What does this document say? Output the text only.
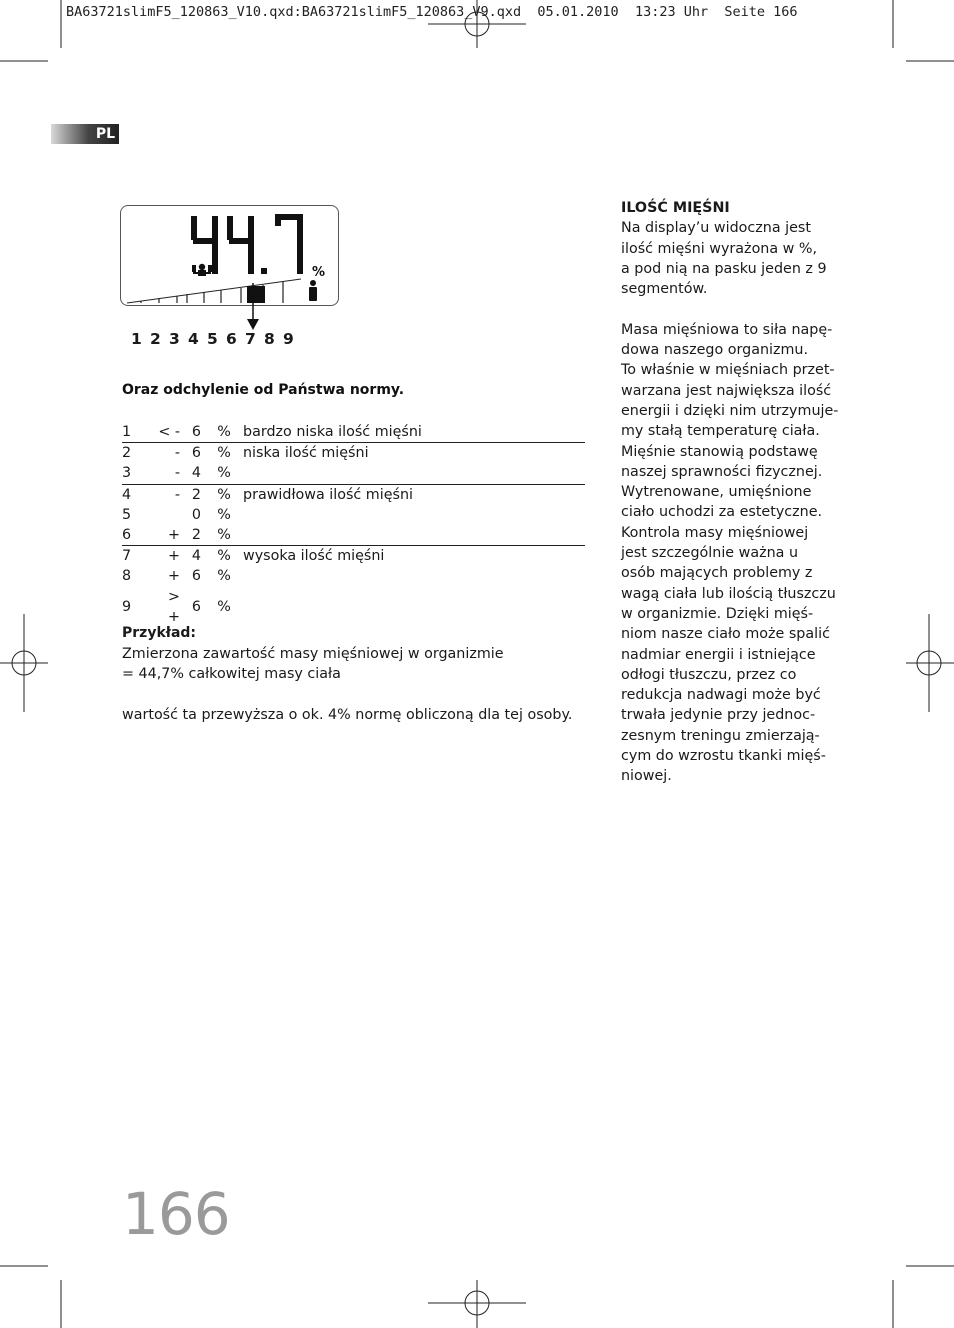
BA63721slimF5_120863_V10.qxd:BA63721slimF5_120863_V9.qxd  05.01.2010  13:23 Uhr  Seite 166
PL
%
1 2 3 4 5 6 7 8 9
Oraz odchylenie od Państwa normy.
1	< -	6	%	bardzo niska ilość mięśni
2	-	6	%	niska ilość mięśni
3	-	4	%	
4	-	2	%	prawidłowa ilość mięśni
5		0	%	
6	+	2	%	
7	+	4	%	wysoka ilość mięśni
8	+	6	%	
9	> +	6	%	
Przykład:
Zmierzona zawartość masy mięśniowej w organizmie
= 44,7% całkowitej masy ciała
wartość ta przewyższa o ok. 4% normę obliczoną dla tej osoby.
ILOŚĆ MIĘŚNI
Na display’u widoczna jest
ilość mięśni wyrażona w %,
a pod nią na pasku jeden z 9
segmentów.
Masa mięśniowa to siła napę-
dowa naszego organizmu.
To właśnie w mięśniach przet-
warzana jest największa ilość
energii i dzięki nim utrzymuje-
my stałą temperaturę ciała.
Mięśnie stanowią podstawę
naszej sprawności fizycznej.
Wytrenowane, umięśnione
ciało uchodzi za estetyczne.
Kontrola masy mięśniowej
jest szczególnie ważna u
osób mających problemy z
wagą ciała lub ilością tłuszczu
w organizmie. Dzięki mięś-
niom nasze ciało może spalić
nadmiar energii i istniejące
odłogi tłuszczu, przez co
redukcja nadwagi może być
trwała jedynie przy jednoc-
zesnym treningu zmierzają-
cym do wzrostu tkanki mięś-
niowej.
166
